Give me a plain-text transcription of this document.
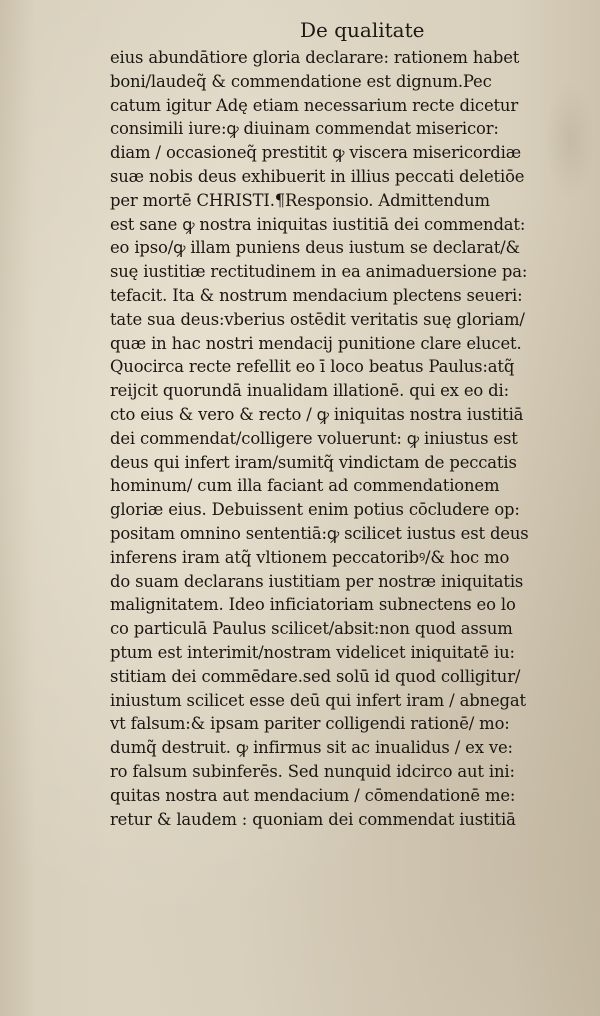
De qualitate
eius abundātiore gloria declarare: rationem habet
boni/laudeq̃ & commendatione est dignum.Pec
catum igitur Adę etiam necessarium recte dicetur
consimili iure:ꝙ diuinam commendat misericor:
diam / occasioneq̃ prestitit ꝙ viscera misericordiæ
suæ nobis deus exhibuerit in illius peccati deletiōe
per mortē CHRISTI.¶Responsio. Admittendum
est sane ꝙ nostra iniquitas iustitiā dei commendat:
eo ipso/ꝙ illam puniens deus iustum se declarat/&
suę iustitiæ rectitudinem in ea animaduersione pa:
tefacit. Ita & nostrum mendacium plectens seueri:
tate sua deus:vberius ostēdit veritatis suę gloriam/
quæ in hac nostri mendacij punitione clare elucet.
Quocirca recte refellit eo ī loco beatus Paulus:atq̃
reijcit quorundā inualidam illationē. qui ex eo di:
cto eius & vero & recto / ꝙ iniquitas nostra iustitiā
dei commendat/colligere voluerunt: ꝙ iniustus est
deus qui infert iram/sumitq̃ vindictam de peccatis
hominum/ cum illa faciant ad commendationem
gloriæ eius. Debuissent enim potius cōcludere op:
positam omnino sententiā:ꝙ scilicet iustus est deus
inferens iram atq̃ vltionem peccatoribꝰ/& hoc mo
do suam declarans iustitiam per nostræ iniquitatis
malignitatem. Ideo inficiatoriam subnectens eo lo
co particulā Paulus scilicet/absit:non quod assum
ptum est interimit/nostram videlicet iniquitatē iu:
stitiam dei commēdare.sed solū id quod colligitur/
iniustum scilicet esse deū qui infert iram / abnegat
vt falsum:& ipsam pariter colligendi rationē/ mo:
dumq̃ destruit. ꝙ infirmus sit ac inualidus / ex ve:
ro falsum subinferēs. Sed nunquid idcirco aut ini:
quitas nostra aut mendacium / cōmendationē me:
retur & laudem : quoniam dei commendat iustitiā
